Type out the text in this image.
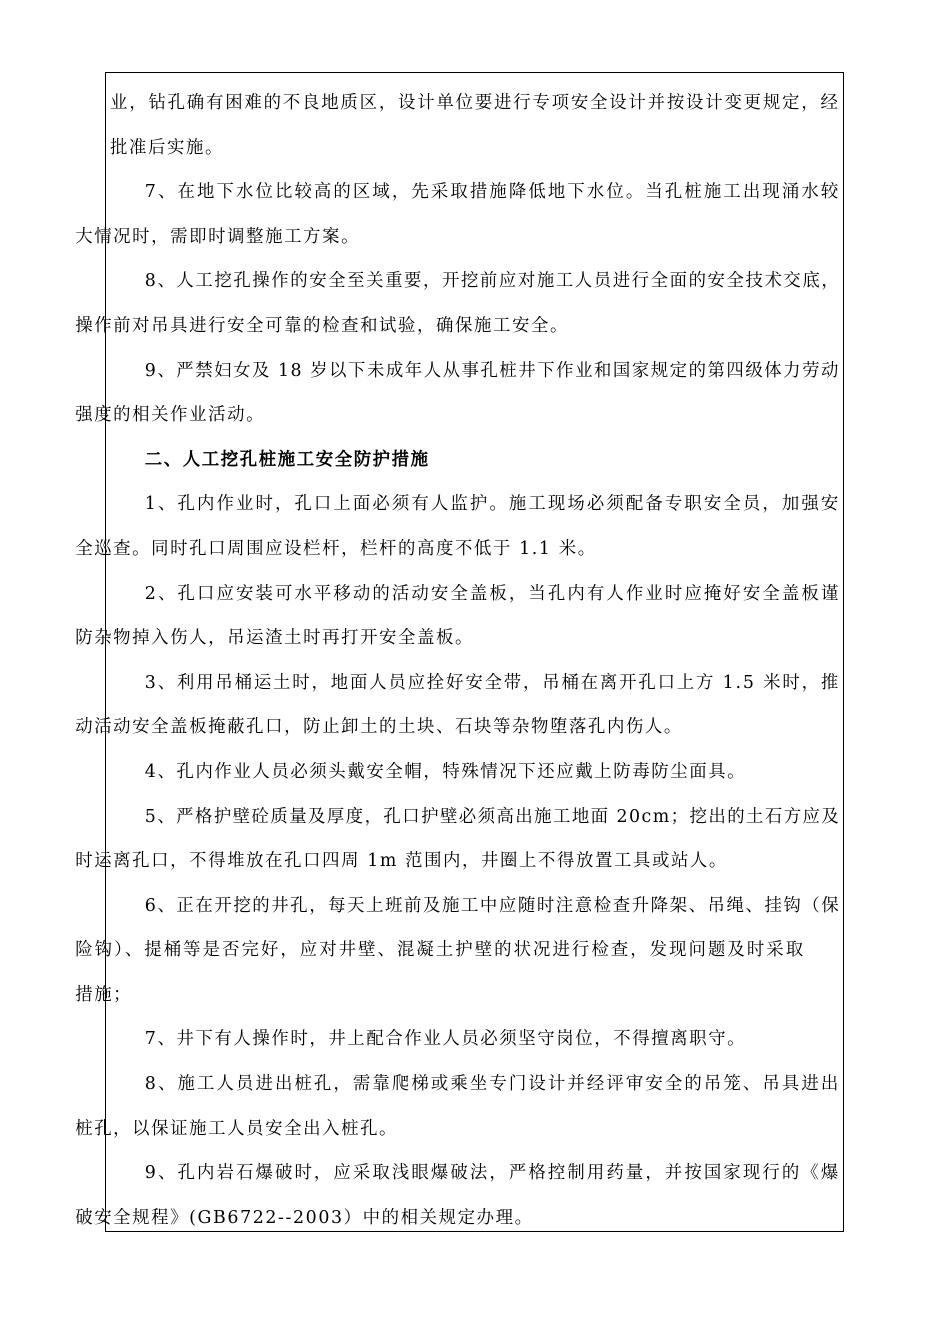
业，钻孔确有困难的不良地质区，设计单位要进行专项安全设计并按设计变更规定，经
批准后实施。

7、在地下水位比较高的区域，先采取措施降低地下水位。当孔桩施工出现涌水较
大情况时，需即时调整施工方案。

8、人工挖孔操作的安全至关重要，开挖前应对施工人员进行全面的安全技术交底，
操作前对吊具进行安全可靠的检查和试验，确保施工安全。

9、严禁妇女及 18 岁以下未成年人从事孔桩井下作业和国家规定的第四级体力劳动
强度的相关作业活动。

二、人工挖孔桩施工安全防护措施

1、孔内作业时，孔口上面必须有人监护。施工现场必须配备专职安全员，加强安
全巡查。同时孔口周围应设栏杆，栏杆的高度不低于 1.1 米。

2、孔口应安装可水平移动的活动安全盖板，当孔内有人作业时应掩好安全盖板谨
防杂物掉入伤人，吊运渣土时再打开安全盖板。

3、利用吊桶运土时，地面人员应拴好安全带，吊桶在离开孔口上方 1.5 米时，推
动活动安全盖板掩蔽孔口，防止卸土的土块、石块等杂物堕落孔内伤人。

4、孔内作业人员必须头戴安全帽，特殊情况下还应戴上防毒防尘面具。

5、严格护壁砼质量及厚度，孔口护壁必须高出施工地面 20cm；挖出的土石方应及
时运离孔口，不得堆放在孔口四周 1m 范围内，井圈上不得放置工具或站人。

6、正在开挖的井孔，每天上班前及施工中应随时注意检查升降架、吊绳、挂钩（保
险钩）、提桶等是否完好，应对井壁、混凝土护壁的状况进行检查，发现问题及时采取
措施；

7、井下有人操作时，井上配合作业人员必须坚守岗位，不得擅离职守。

8、施工人员进出桩孔，需靠爬梯或乘坐专门设计并经评审安全的吊笼、吊具进出
桩孔，以保证施工人员安全出入桩孔。

9、孔内岩石爆破时，应采取浅眼爆破法，严格控制用药量，并按国家现行的《爆
破安全规程》(GB6722--2003）中的相关规定办理。
